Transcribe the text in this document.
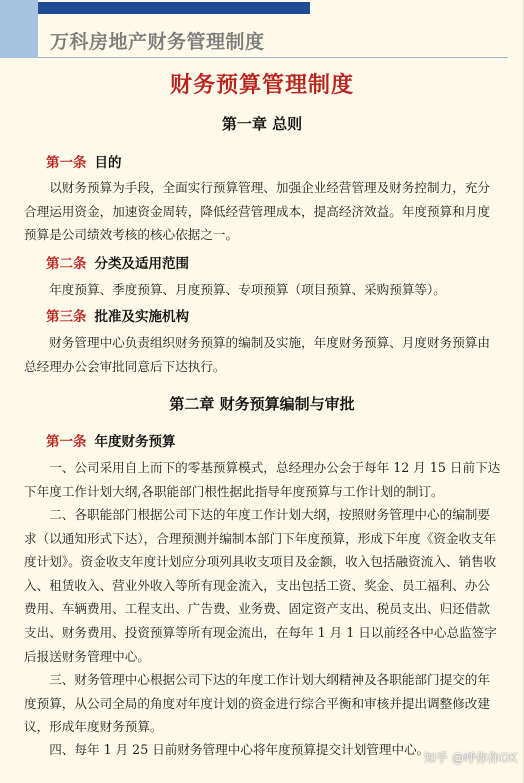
万科房地产财务管理制度
财务预算管理制度
第一章 总则
第一条 目的

以财务预算为手段，全面实行预算管理、加强企业经营管理及财务控制力，充分合理运用资金，加速资金周转，降低经营管理成本，提高经济效益。年度预算和月度预算是公司绩效考核的核心依据之一。

第二条 分类及适用范围

年度预算、季度预算、月度预算、专项预算（项目预算、采购预算等）。

第三条 批准及实施机构

财务管理中心负责组织财务预算的编制及实施，年度财务预算、月度财务预算由总经理办公会审批同意后下达执行。

第二章 财务预算编制与审批
第一条 年度财务预算

一、公司采用自上而下的零基预算模式，总经理办公会于每年 12 月 15 日前下达下年度工作计划大纲,各职能部门根性据此指导年度预算与工作计划的制订。

二、各职能部门根据公司下达的年度工作计划大纲，按照财务管理中心的编制要求（以通知形式下达），合理预测并编制本部门下年度预算，形成下年度《资金收支年度计划》。资金收支年度计划应分项列具收支项目及金额，收入包括融资流入、销售收入、租赁收入、营业外收入等所有现金流入，支出包括工资、奖金、员工福利、办公费用、车辆费用、工程支出、广告费、业务费、固定资产支出、税员支出、归还借款支出、财务费用、投资预算等所有现金流出，在每年 1 月 1 日以前经各中心总监签字后报送财务管理中心。

三、财务管理中心根据公司下达的年度工作计划大纲精神及各职能部门提交的年度预算，从公司全局的角度对年度计划的资金进行综合平衡和审核并提出调整修改建议，形成年度财务预算。

四、每年 1 月 25 日前财务管理中心将年度预算提交计划管理中心。

知乎 @呼你你OK
